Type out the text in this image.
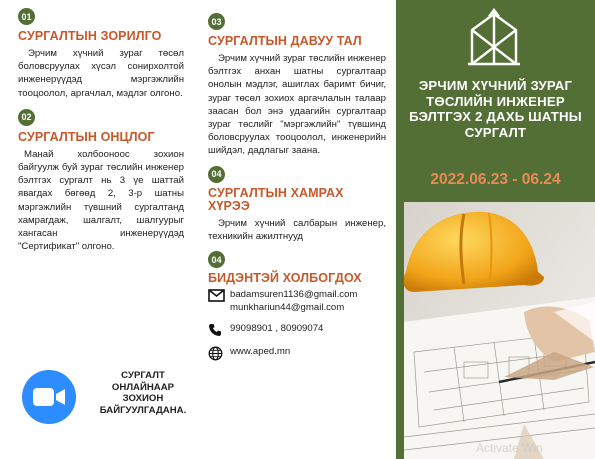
01
СУРГАЛТЫН ЗОРИЛГО

Эрчим хүчний зураг төсөл боловсруулах хүсэл сонирхолтой инженерүүдэд мэргэжлийн тооцоолол, аргачлал, мэдлэг олгоно.

02
СУРГАЛТЫН ОНЦЛОГ

Манай холбооноос зохион байгуулж буй зураг төслийн инженер бэлтгэх сургалт нь 3 үе шаттай явагдах бөгөөд 2, 3-р шатны мэргэжлийн түвшний сургалтанд хамрагдаж, шалгалт, шалгуурыг хангасан инженерүүдэд "Сертификат" олгоно.

СУРГАЛТ ОНЛАЙНААР ЗОХИОН БАЙГУУЛГАДАНА.
03
СУРГАЛТЫН ДАВУУ ТАЛ

Эрчим хүчний зураг төслийн инженер бэлтгэх анхан шатны сургалтаар онолын мэдлэг, ашиглах баримт бичиг, зураг төсөл зохиох аргачлалын талаар заасан бол энэ удаагийн сургалтаар зураг төслийг "мэргэжлийн" түвшинд боловсруулах тооцоолол, инженерийн шийдэл, дадлагыг заана.

04
СУРГАЛТЫН ХАМРАХ ХҮРЭЭ

Эрчим хүчний салбарын инженер, техникийн ажилтнууд

04
БИДЭНТЭЙ ХОЛБОГДОХ
badamsuren1136@gmail.com
munkhariun44@gmail.com
99098901 , 80909074
www.aped.mn
ЭРЧИМ ХҮЧНИЙ ЗУРАГ ТӨСЛИЙН ИНЖЕНЕР БЭЛТГЭХ 2 ДАХЬ ШАТНЫ СУРГАЛТ
2022.06.23 - 06.24
Activate Win
